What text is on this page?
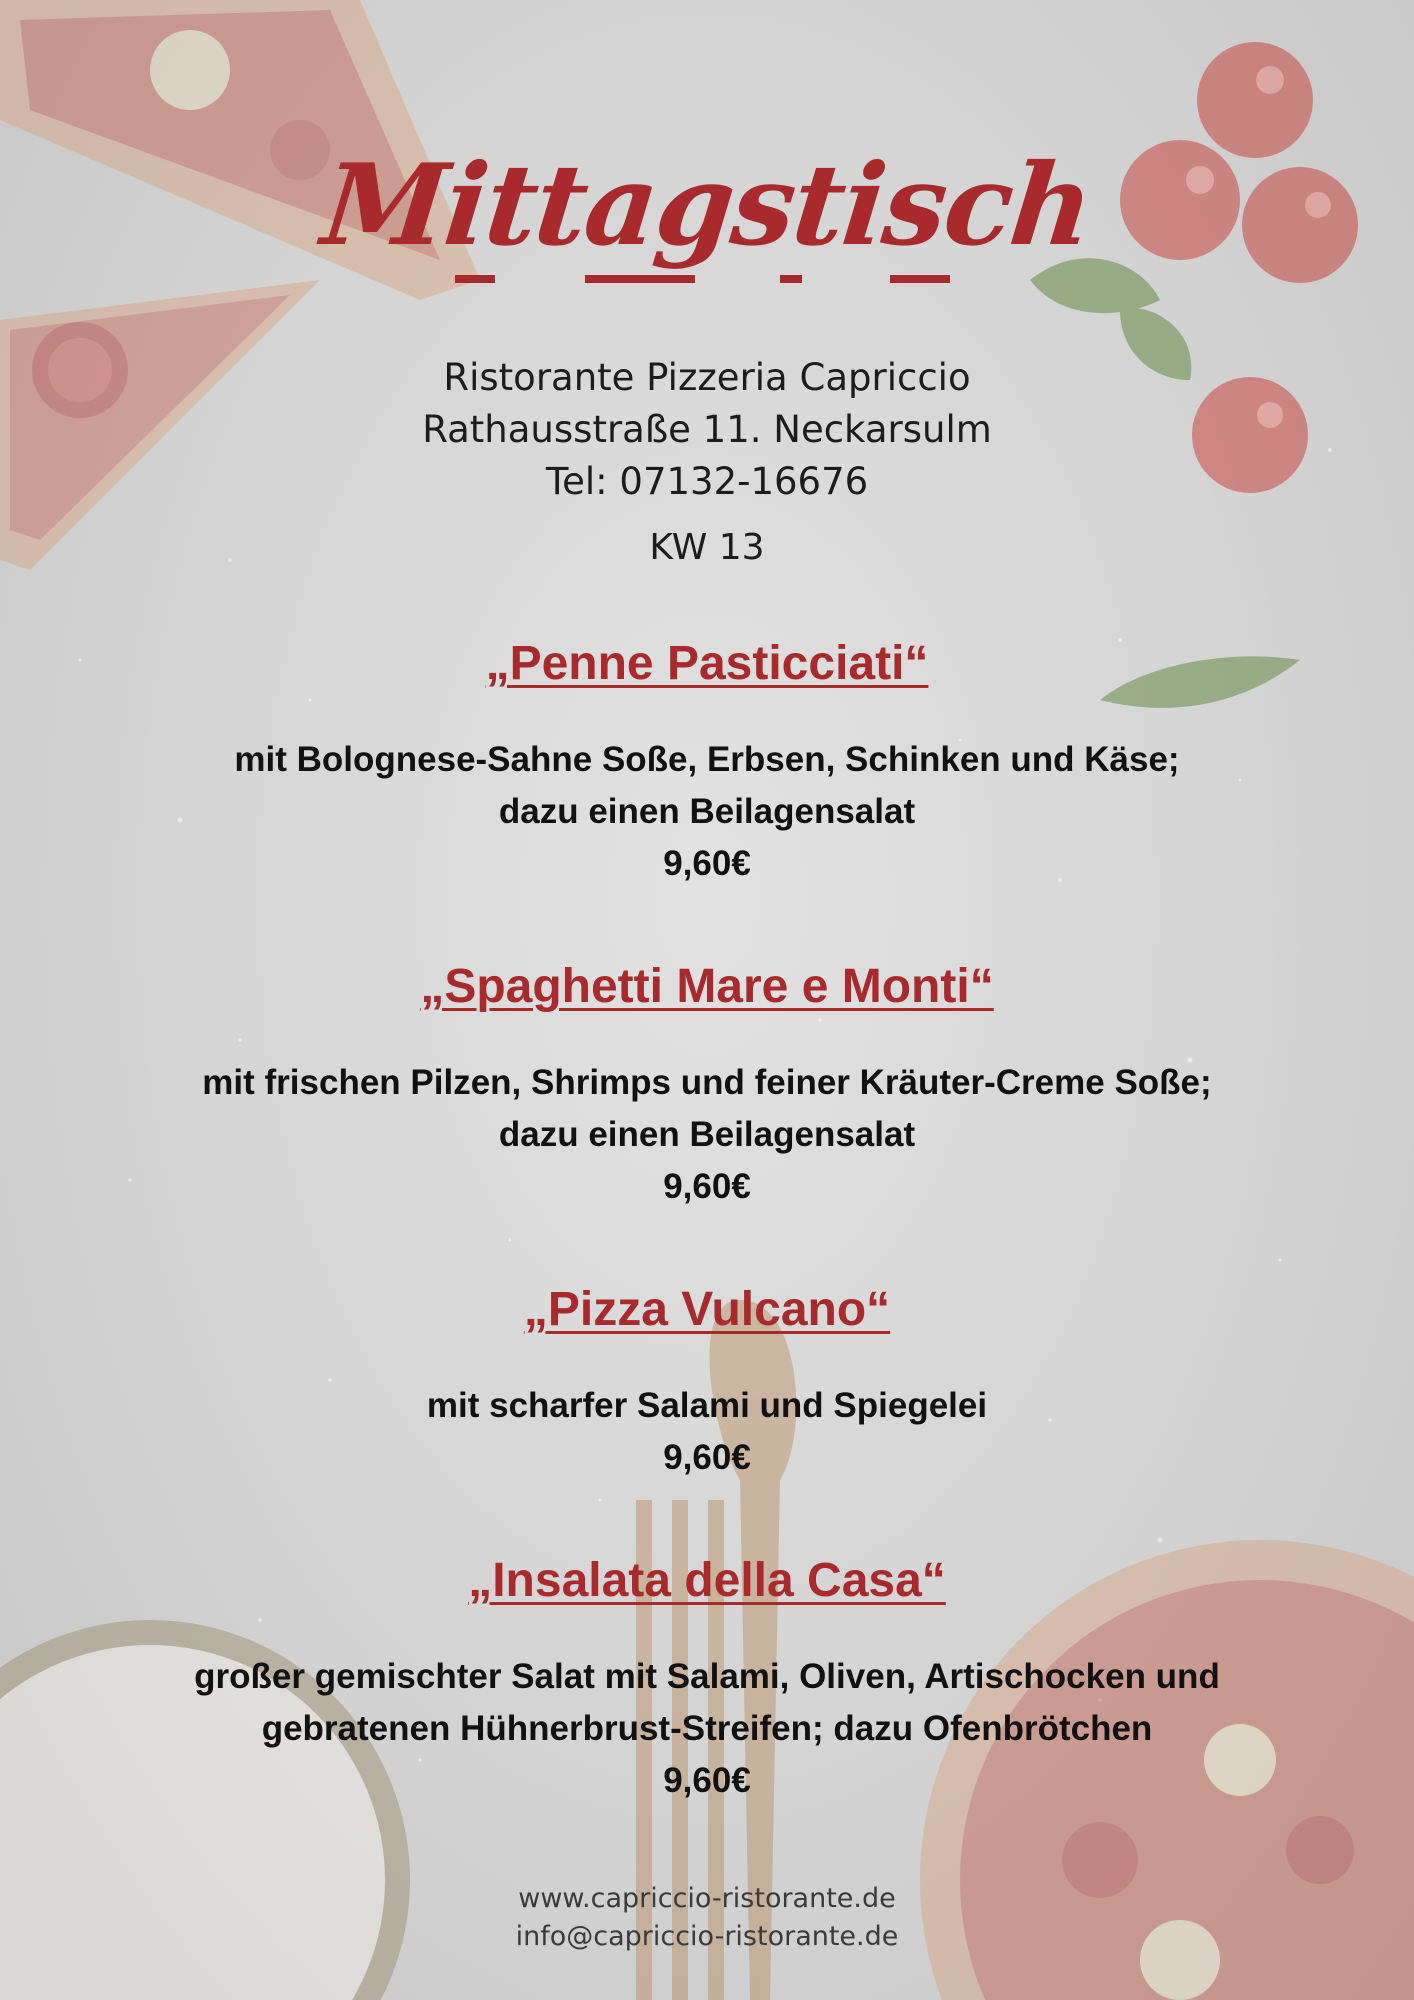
Mittagstisch
Ristorante Pizzeria Capriccio
Rathausstraße 11. Neckarsulm
Tel: 07132-16676
KW 13
„Penne Pasticciati“
mit Bolognese-Sahne Soße, Erbsen, Schinken und Käse;
dazu einen Beilagensalat
9,60€
„Spaghetti Mare e Monti“
mit frischen Pilzen, Shrimps und feiner Kräuter-Creme Soße;
dazu einen Beilagensalat
9,60€
„Pizza Vulcano“
mit scharfer Salami und Spiegelei
9,60€
„Insalata della Casa“
großer gemischter Salat mit Salami, Oliven, Artischocken und
gebratenen Hühnerbrust-Streifen; dazu Ofenbrötchen
9,60€
www.capriccio-ristorante.de
info@capriccio-ristorante.de
